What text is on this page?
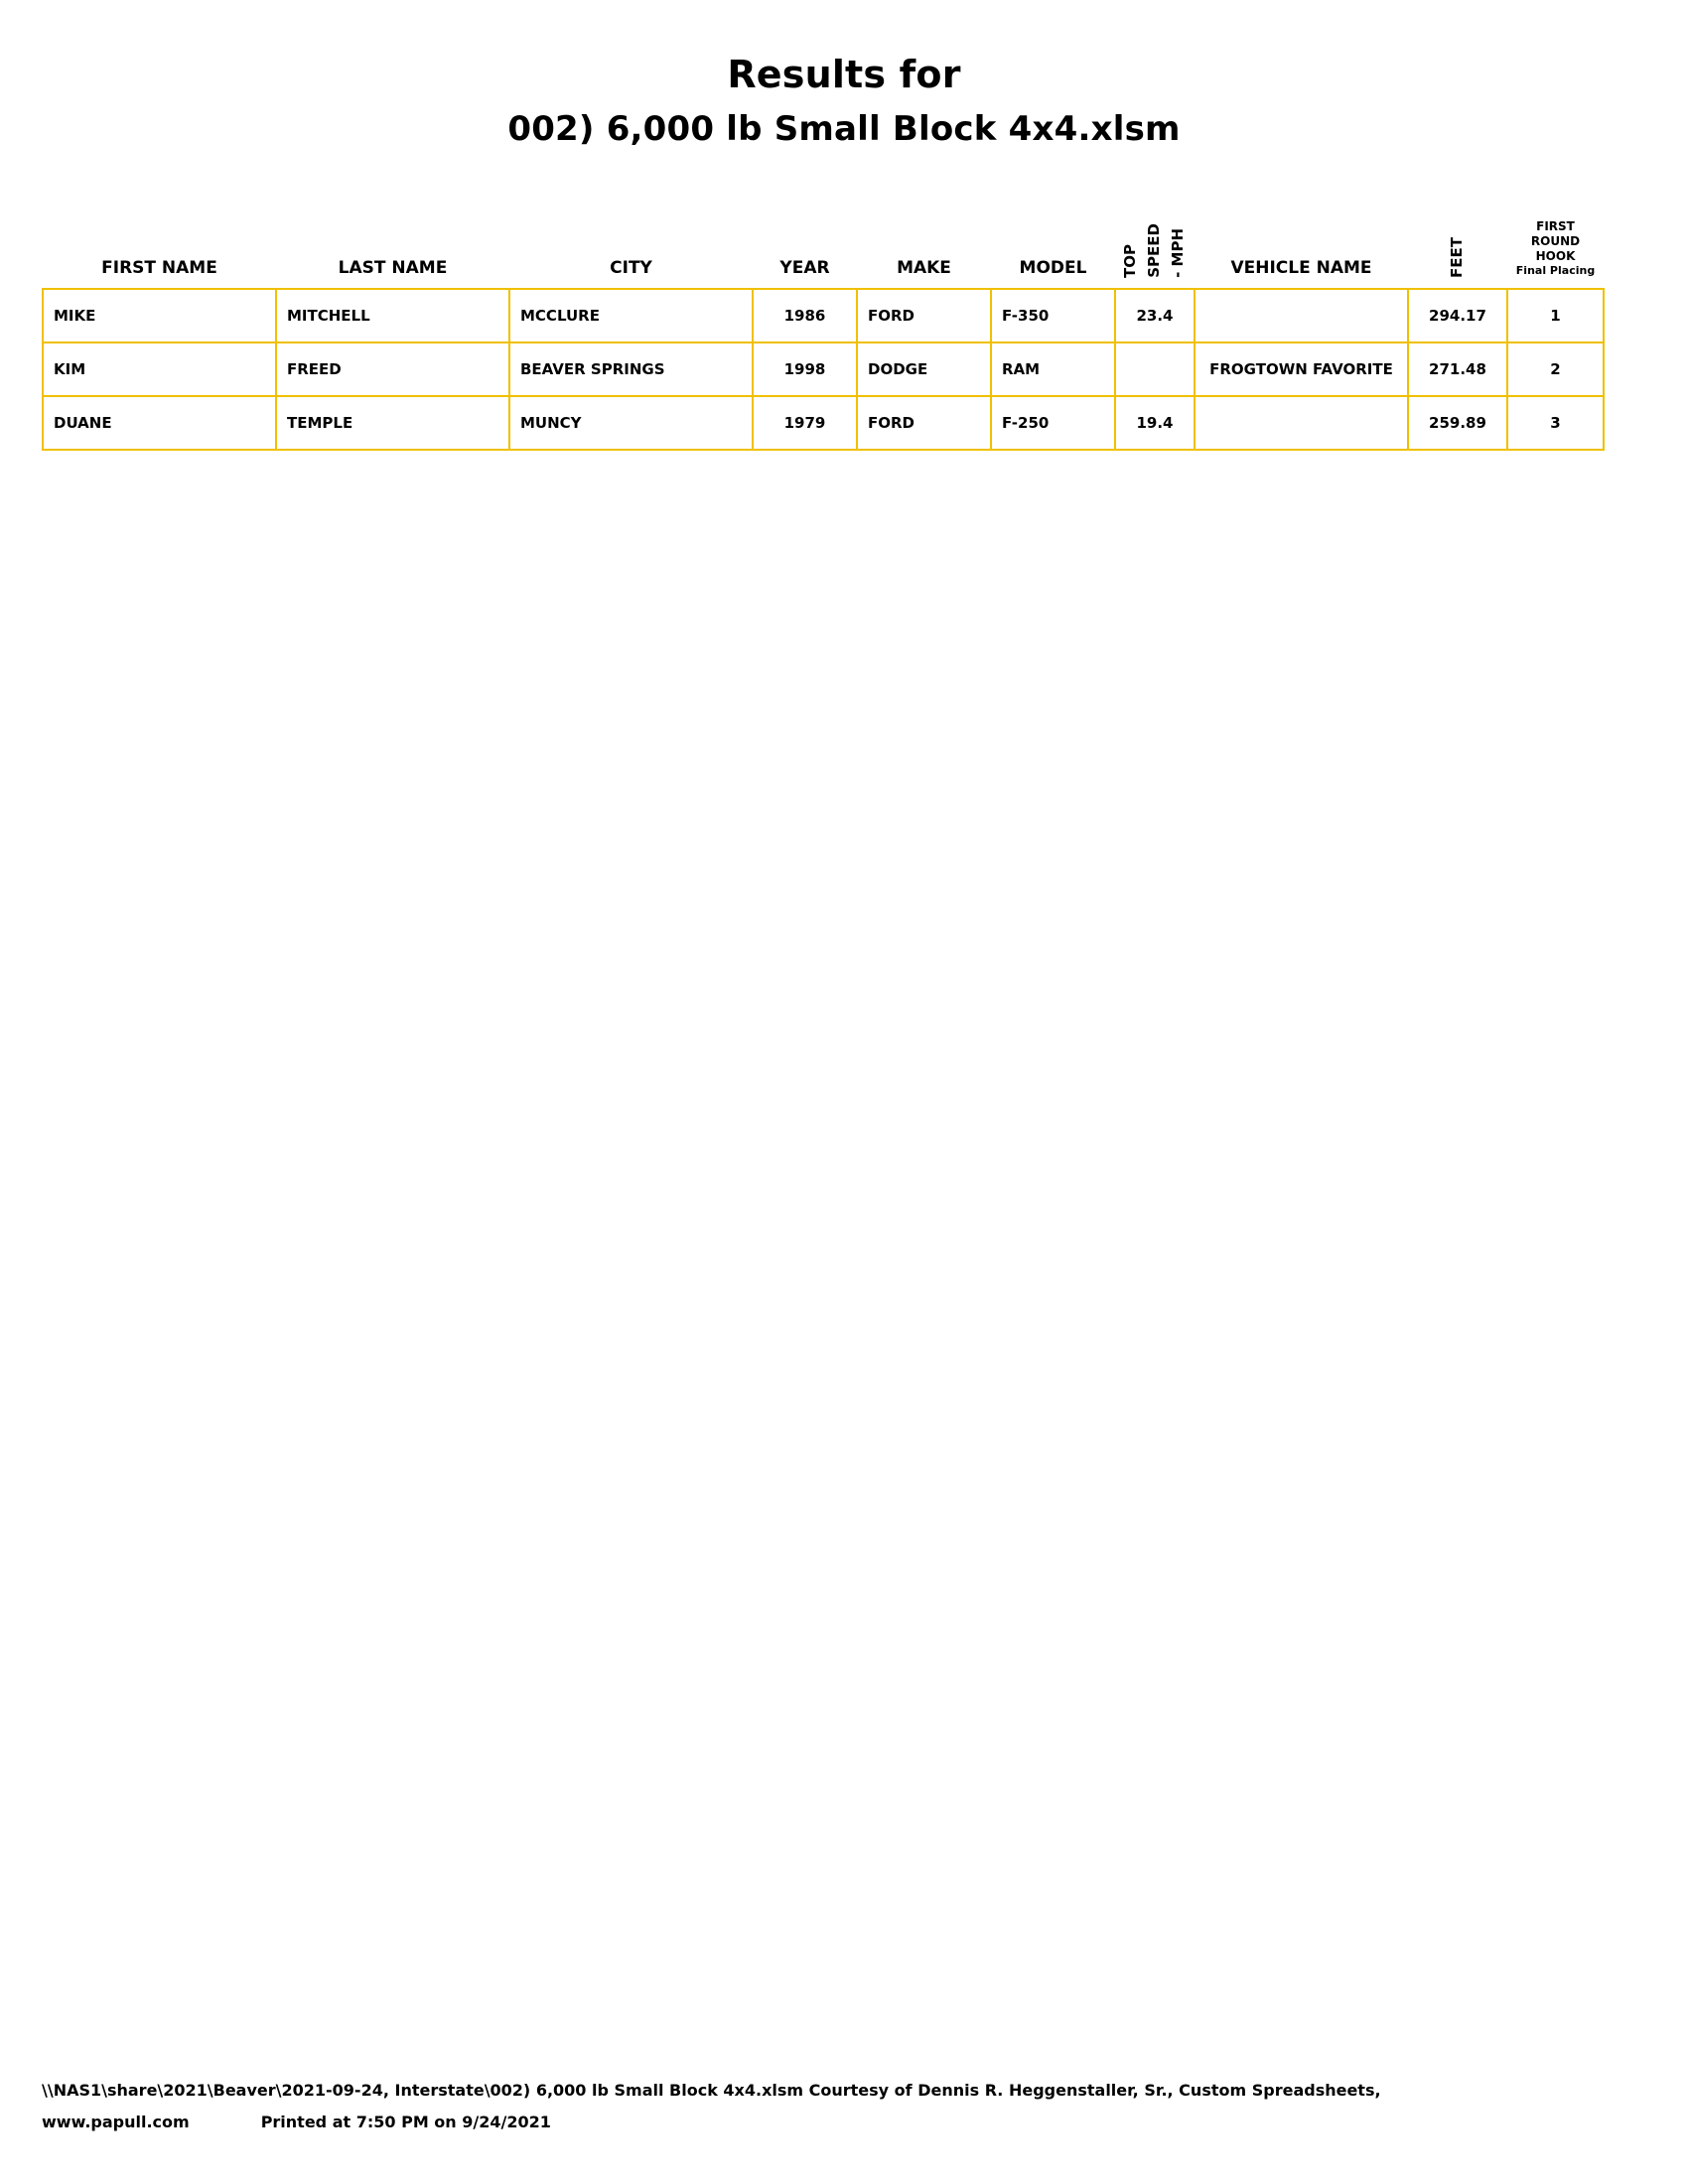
Results for
002) 6,000 lb Small Block 4x4.xlsm
FIRST NAME	LAST NAME	CITY	YEAR	MAKE	MODEL	TOP SPEED - MPH	VEHICLE NAME	FEET	FIRST ROUND
HOOK
Final Placing

MIKE	MITCHELL	MCCLURE	1986	FORD	F-350	23.4		294.17	1
KIM	FREED	BEAVER SPRINGS	1998	DODGE	RAM		FROGTOWN FAVORITE	271.48	2
DUANE	TEMPLE	MUNCY	1979	FORD	F-250	19.4		259.89	3
\\NAS1\share\2021\Beaver\2021-09-24, Interstate\002) 6,000 lb Small Block 4x4.xlsm Courtesy of Dennis R. Heggenstaller, Sr., Custom Spreadsheets,
www.papull.com	Printed at 7:50 PM on 9/24/2021
